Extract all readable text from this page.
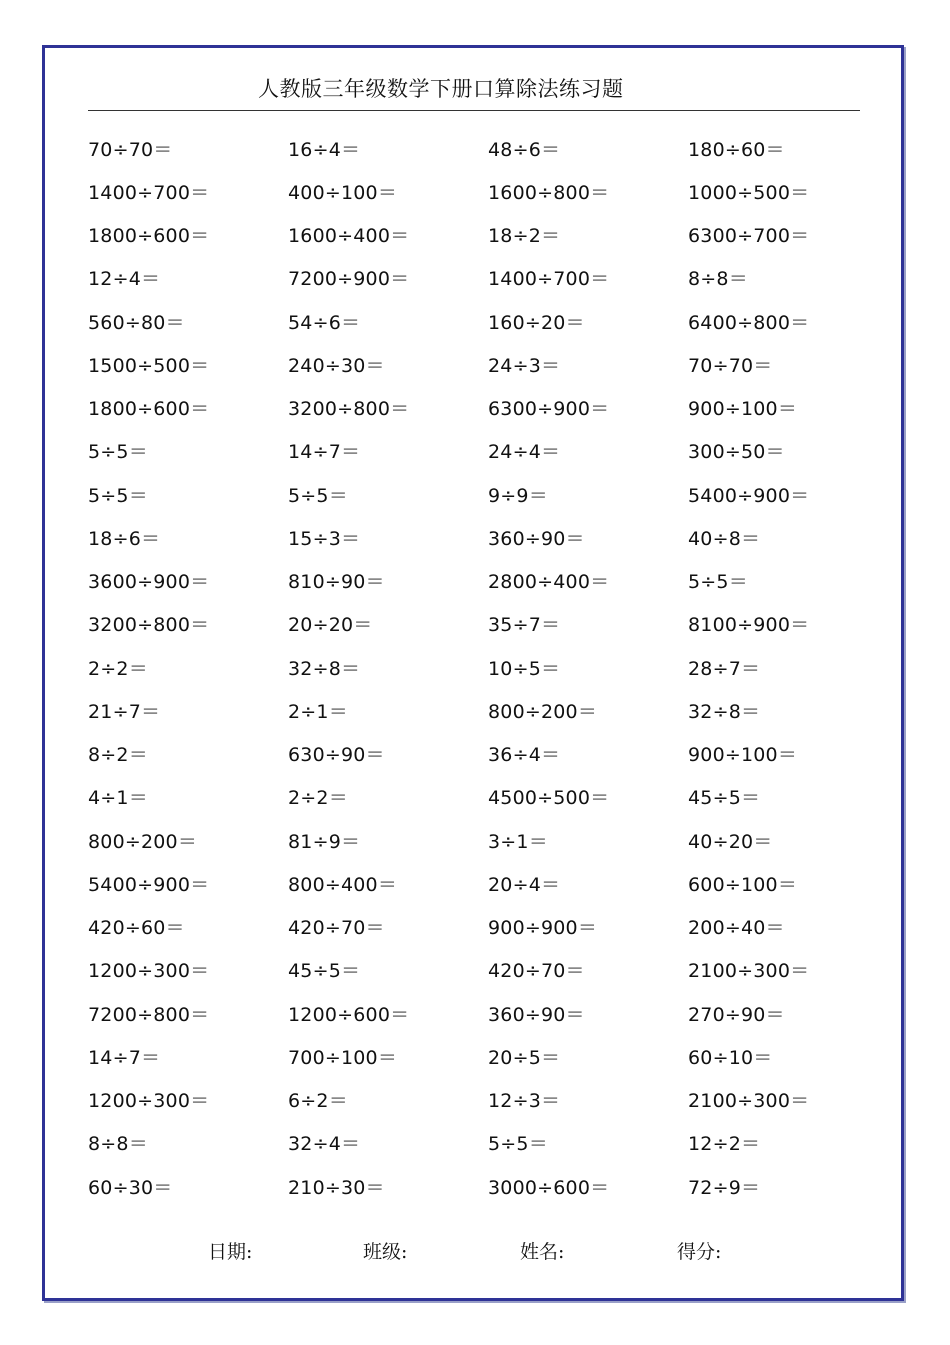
人教版三年级数学下册口算除法练习题
70÷70＝	16÷4＝	48÷6＝	180÷60＝
1400÷700＝	400÷100＝	1600÷800＝	1000÷500＝
1800÷600＝	1600÷400＝	18÷2＝	6300÷700＝
12÷4＝	7200÷900＝	1400÷700＝	8÷8＝
560÷80＝	54÷6＝	160÷20＝	6400÷800＝
1500÷500＝	240÷30＝	24÷3＝	70÷70＝
1800÷600＝	3200÷800＝	6300÷900＝	900÷100＝
5÷5＝	14÷7＝	24÷4＝	300÷50＝
5÷5＝	5÷5＝	9÷9＝	5400÷900＝
18÷6＝	15÷3＝	360÷90＝	40÷8＝
3600÷900＝	810÷90＝	2800÷400＝	5÷5＝
3200÷800＝	20÷20＝	35÷7＝	8100÷900＝
2÷2＝	32÷8＝	10÷5＝	28÷7＝
21÷7＝	2÷1＝	800÷200＝	32÷8＝
8÷2＝	630÷90＝	36÷4＝	900÷100＝
4÷1＝	2÷2＝	4500÷500＝	45÷5＝
800÷200＝	81÷9＝	3÷1＝	40÷20＝
5400÷900＝	800÷400＝	20÷4＝	600÷100＝
420÷60＝	420÷70＝	900÷900＝	200÷40＝
1200÷300＝	45÷5＝	420÷70＝	2100÷300＝
7200÷800＝	1200÷600＝	360÷90＝	270÷90＝
14÷7＝	700÷100＝	20÷5＝	60÷10＝
1200÷300＝	6÷2＝	12÷3＝	2100÷300＝
8÷8＝	32÷4＝	5÷5＝	12÷2＝
60÷30＝	210÷30＝	3000÷600＝	72÷9＝
日期:	班级:	姓名:	得分:
